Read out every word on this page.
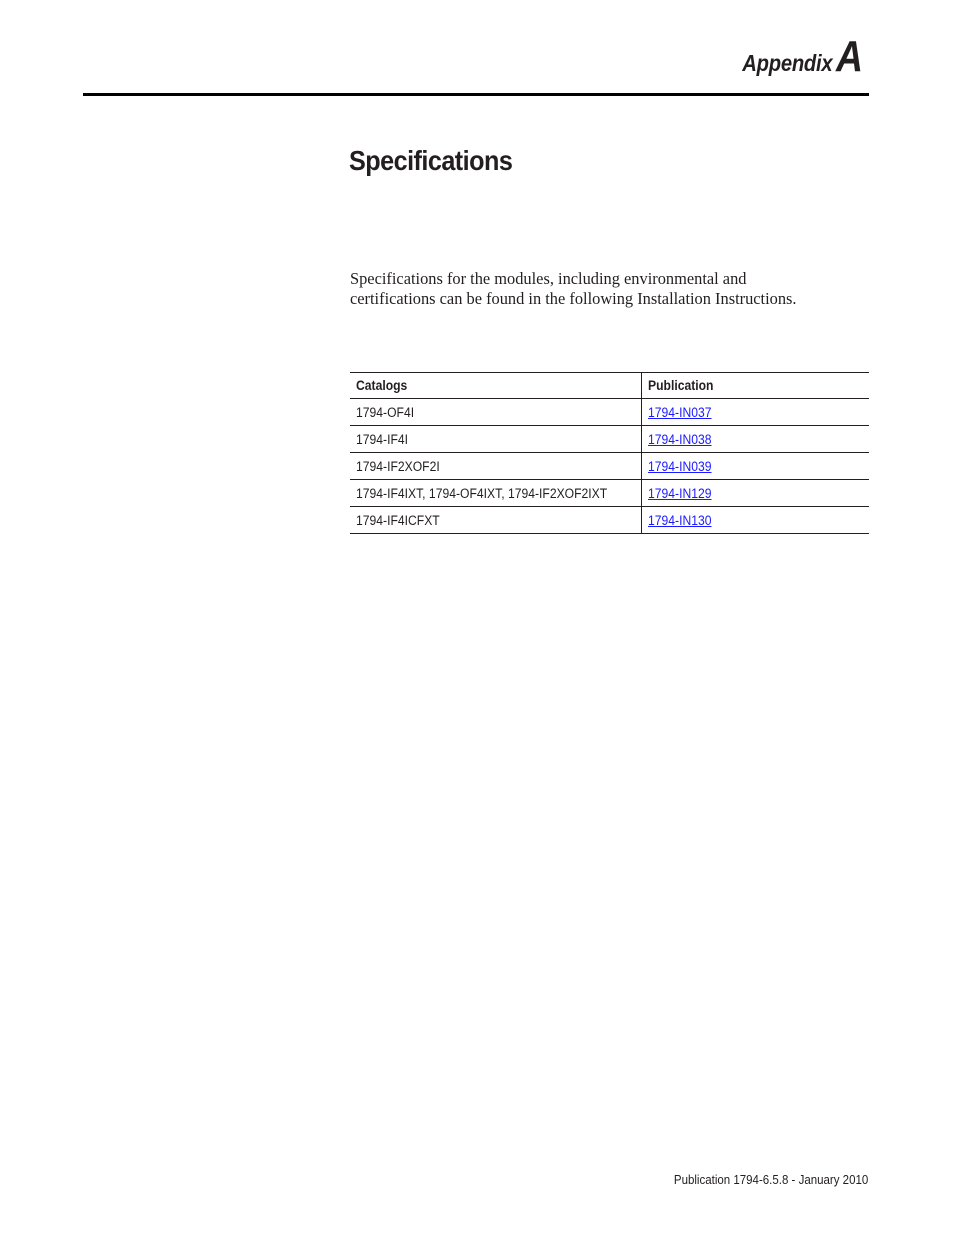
AppendixA
Specifications

Specifications for the modules, including environmental and
certifications can be found in the following Installation Instructions.

Catalogs	Publication
1794-OF4I	1794-IN037
1794-IF4I	1794-IN038
1794-IF2XOF2I	1794-IN039
1794-IF4IXT, 1794-OF4IXT, 1794-IF2XOF2IXT	1794-IN129
1794-IF4ICFXT	1794-IN130
Publication 1794-6.5.8 - January 2010
